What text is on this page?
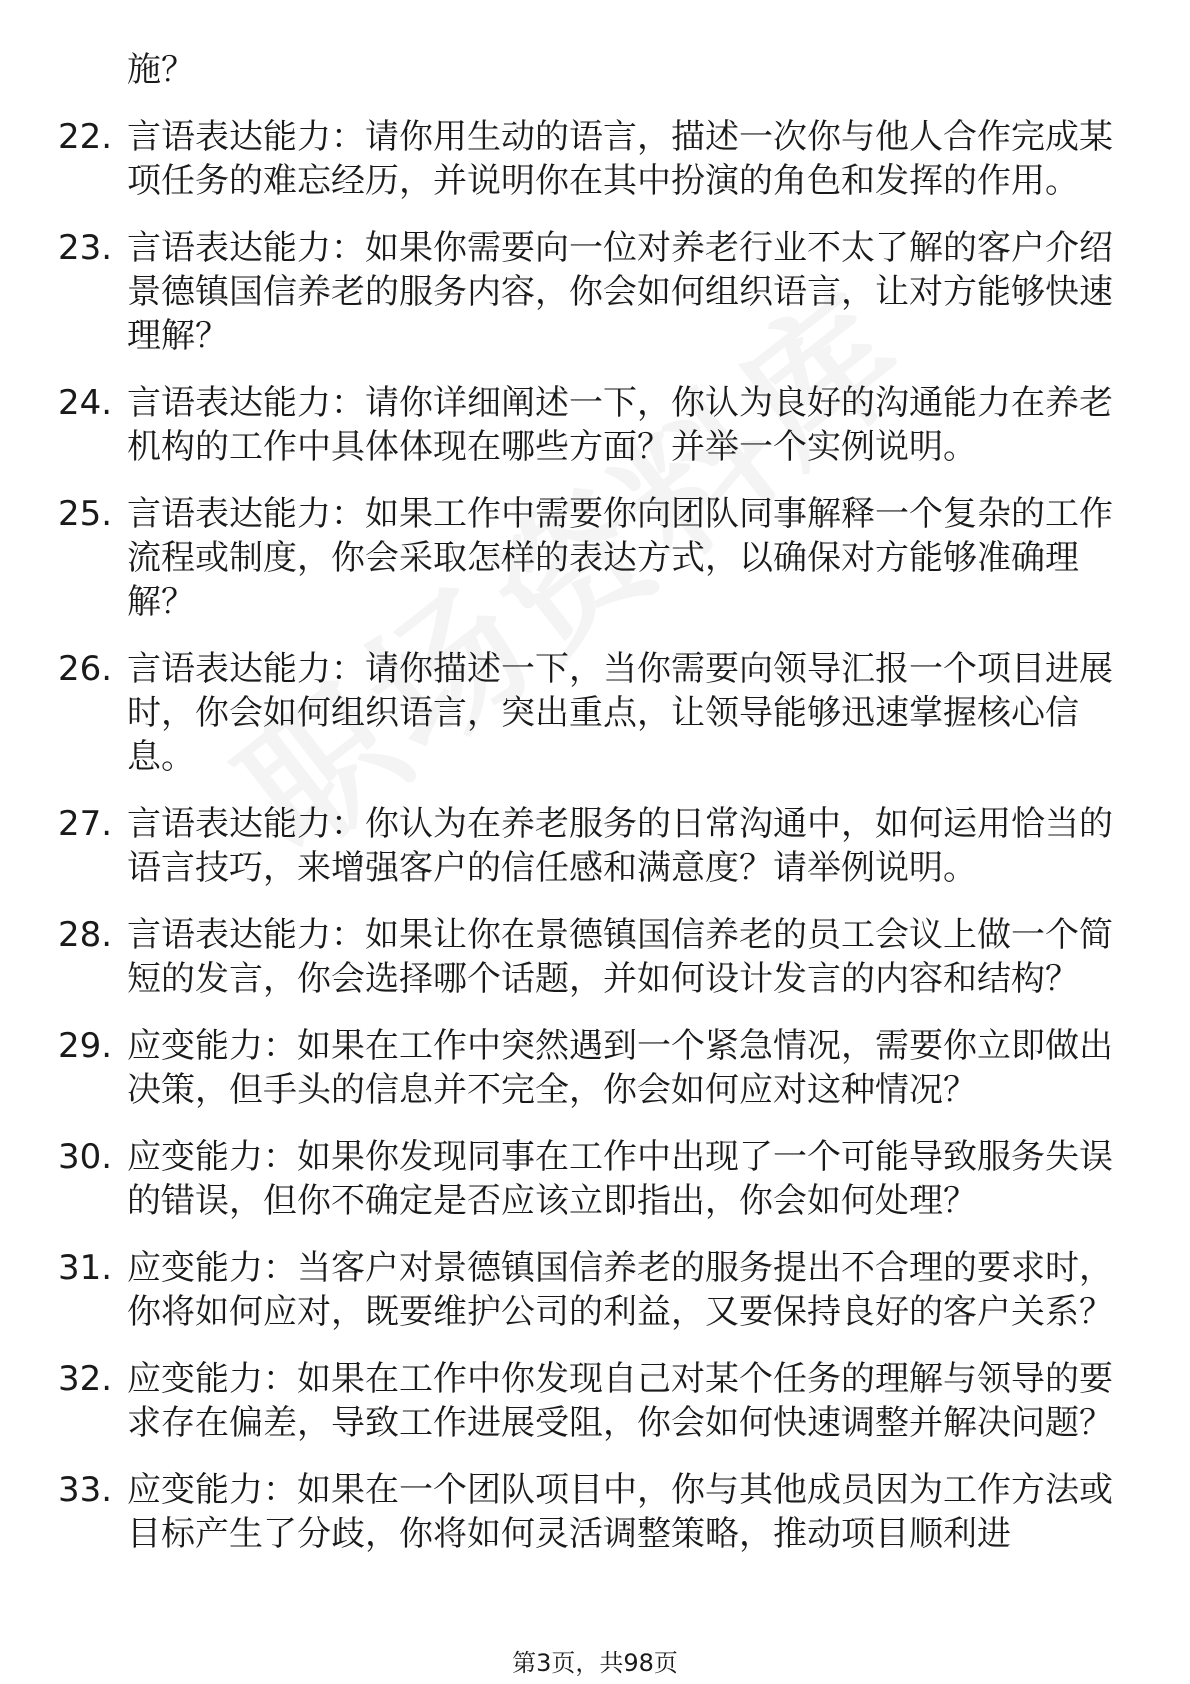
施？
22. 言语表达能力：请你用生动的语言，描述一次你与他人合作完成某项任务的难忘经历，并说明你在其中扮演的角色和发挥的作用。
23. 言语表达能力：如果你需要向一位对养老行业不太了解的客户介绍景德镇国信养老的服务内容，你会如何组织语言，让对方能够快速理解？
24. 言语表达能力：请你详细阐述一下，你认为良好的沟通能力在养老机构的工作中具体体现在哪些方面？并举一个实例说明。
25. 言语表达能力：如果工作中需要你向团队同事解释一个复杂的工作流程或制度，你会采取怎样的表达方式，以确保对方能够准确理解？
26. 言语表达能力：请你描述一下，当你需要向领导汇报一个项目进展时，你会如何组织语言，突出重点，让领导能够迅速掌握核心信息。
27. 言语表达能力：你认为在养老服务的日常沟通中，如何运用恰当的语言技巧，来增强客户的信任感和满意度？请举例说明。
28. 言语表达能力：如果让你在景德镇国信养老的员工会议上做一个简短的发言，你会选择哪个话题，并如何设计发言的内容和结构？
29. 应变能力：如果在工作中突然遇到一个紧急情况，需要你立即做出决策，但手头的信息并不完全，你会如何应对这种情况？
30. 应变能力：如果你发现同事在工作中出现了一个可能导致服务失误的错误，但你不确定是否应该立即指出，你会如何处理？
31. 应变能力：当客户对景德镇国信养老的服务提出不合理的要求时，你将如何应对，既要维护公司的利益，又要保持良好的客户关系？
32. 应变能力：如果在工作中你发现自己对某个任务的理解与领导的要求存在偏差，导致工作进展受阻，你会如何快速调整并解决问题？
33. 应变能力：如果在一个团队项目中，你与其他成员因为工作方法或目标产生了分歧，你将如何灵活调整策略，推动项目顺利进
第3页，共98页
